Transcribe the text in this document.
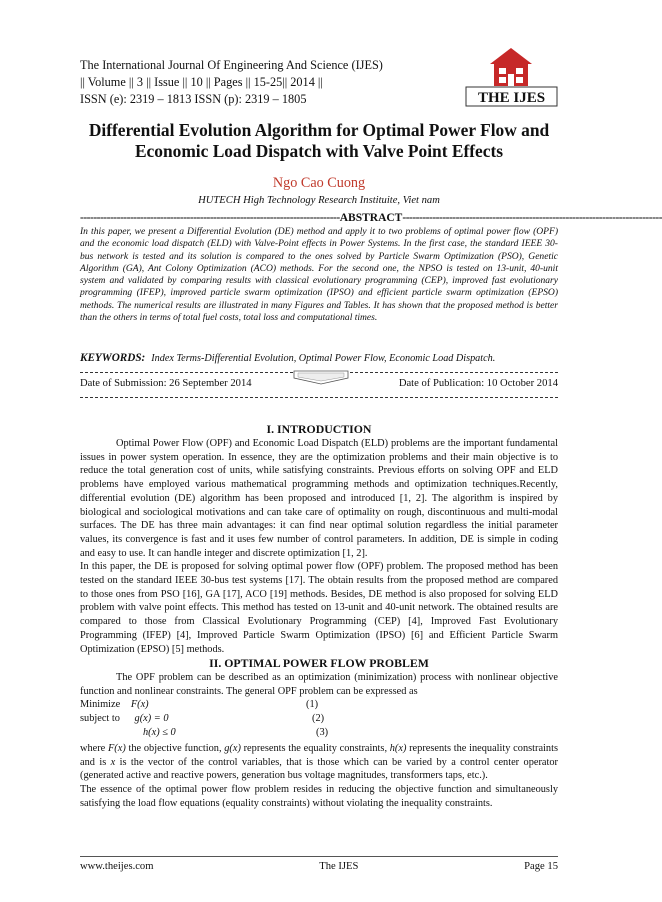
The International Journal Of Engineering And Science (IJES)
|| Volume || 3 || Issue || 10 || Pages || 15-25|| 2014 ||
ISSN (e): 2319 – 1813 ISSN (p): 2319 – 1805	THE IJES
Differential Evolution Algorithm for Optimal Power Flow and
Economic Load Dispatch with Valve Point Effects
Ngo Cao Cuong
HUTECH High Technology Research Instituite, Viet nam
------------------------------------------------------------------------------ ABSTRACT ------------------------------------------------------------------------------
In this paper, we present a Differential Evolution (DE) method and apply it to two problems of optimal power flow (OPF) and the economic load dispatch (ELD) with Valve-Point effects in Power Systems. In the first case, the standard IEEE 30-bus network is tested and its solution is compared to the ones solved by Particle Swarm Optimization (PSO), Genetic Algorithm (GA), Ant Colony Optimization (ACO) methods. For the second one, the NPSO is tested on 13-unit, 40-unit system and validated by comparing results with classical evolutionary programming (CEP), improved fast evolutionary programming (IFEP), improved particle swarm optimization (IPSO) and efficient particle swarm optimization (EPSO) methods. The numerical results are illustrated in many Figures and Tables. It has shown that the proposed method is better than the others in terms of total fuel costs, total loss and computational times.
KEYWORDS: Index Terms-Differential Evolution, Optimal Power Flow, Economic Load Dispatch.
Date of Submission: 26 September 2014	Date of Publication: 10 October 2014
I. INTRODUCTION

Optimal Power Flow (OPF) and Economic Load Dispatch (ELD) problems are the important fundamental issues in power system operation. In essence, they are the optimization problems and their main objective is to reduce the total generation cost of units, while satisfying constraints. Previous efforts on solving OPF and ELD problems have employed various mathematical programming methods and optimization techniques.Recently, differential evolution (DE) algorithm has been proposed and introduced [1, 2]. The algorithm is inspired by biological and sociological motivations and can take care of optimality on rough, discontinuous and multi-modal surfaces. The DE has three main advantages: it can find near optimal solution regardless the initial parameter values, its convergence is fast and it uses few number of control parameters. In addition, DE is simple in coding and easy to use. It can handle integer and discrete optimization [1, 2].

In this paper, the DE is proposed for solving optimal power flow (OPF) problem. The proposed method has been tested on the standard IEEE 30-bus test systems [17]. The obtain results from the proposed method are compared to those ones from PSO [16], GA [17], ACO [19] methods. Besides, DE method is also proposed for solving ELD problem with valve point effects. This method has tested on 13-unit and 40-unit network. The obtained results are compared to those from Classical Evolutionary Programming (CEP) [4], Improved Fast Evolutionary Programming (IFEP) [4], Improved Particle Swarm Optimization (IPSO) [6] and Efficient Particle Swarm Optimization (EPSO) [5] methods.

II. OPTIMAL POWER FLOW PROBLEM

The OPF problem can be described as an optimization (minimization) process with nonlinear objective function and nonlinear constraints. The general OPF problem can be expressed as

Minimize F(x)	(1)
subject to g(x) = 0	(2)
h(x) ≤ 0	(3)

where F(x) the objective function, g(x) represents the equality constraints, h(x) represents the inequality constraints and is x is the vector of the control variables, that is those which can be varied by a control center operator (generated active and reactive powers, generation bus voltage magnitudes, transformers taps, etc.).

The essence of the optimal power flow problem resides in reducing the objective function and simultaneously satisfying the load flow equations (equality constraints) without violating the inequality constraints.

www.theijes.com	The IJES	Page 15
